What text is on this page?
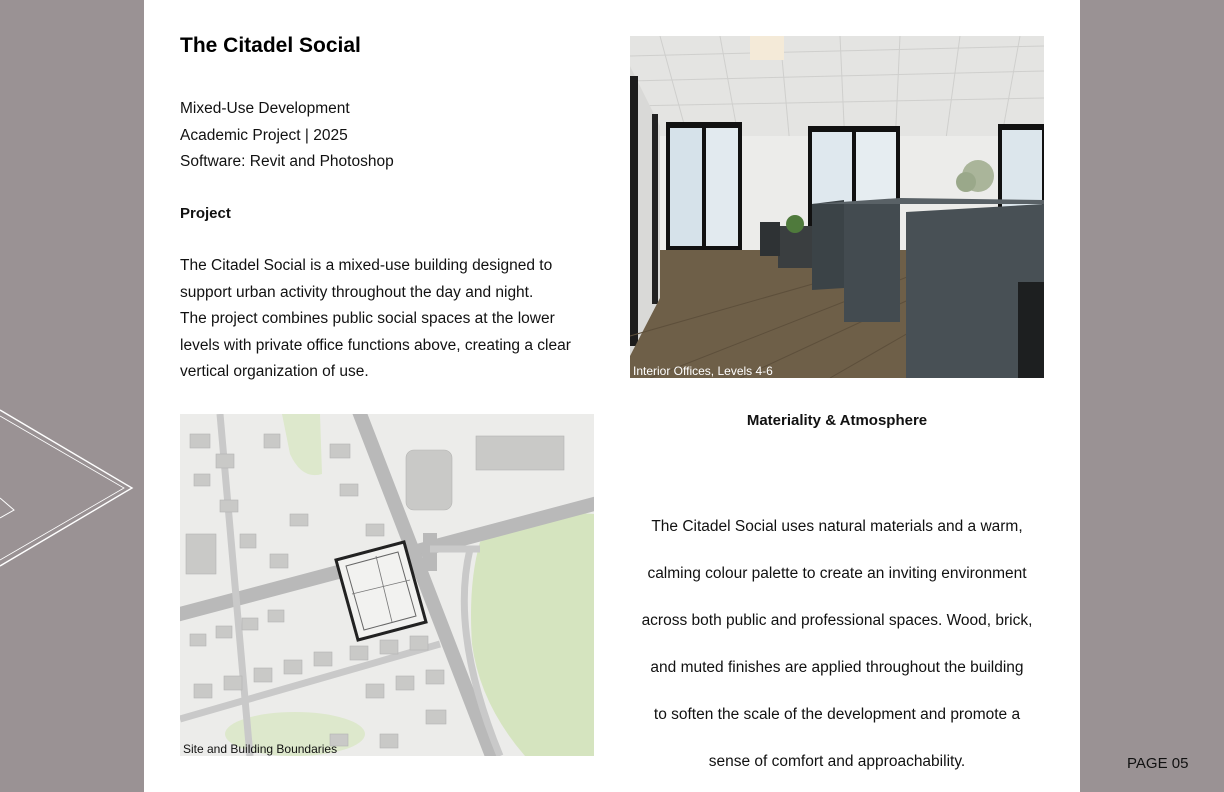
The Citadel Social
Mixed-Use Development
Academic Project | 2025
Software: Revit and Photoshop
Project
The Citadel Social is a mixed-use building designed to
support urban activity throughout the day and night.
The project combines public social spaces at the lower
levels with private office functions above, creating a clear
vertical organization of use.	Interior Offices, Levels 4-6
Site and Building Boundaries
Materiality & Atmosphere
The Citadel Social uses natural materials and a warm,
calming colour palette to create an inviting environment
across both public and professional spaces. Wood, brick,
and muted finishes are applied throughout the building
to soften the scale of the development and promote a
sense of comfort and approachability.	PAGE 05
